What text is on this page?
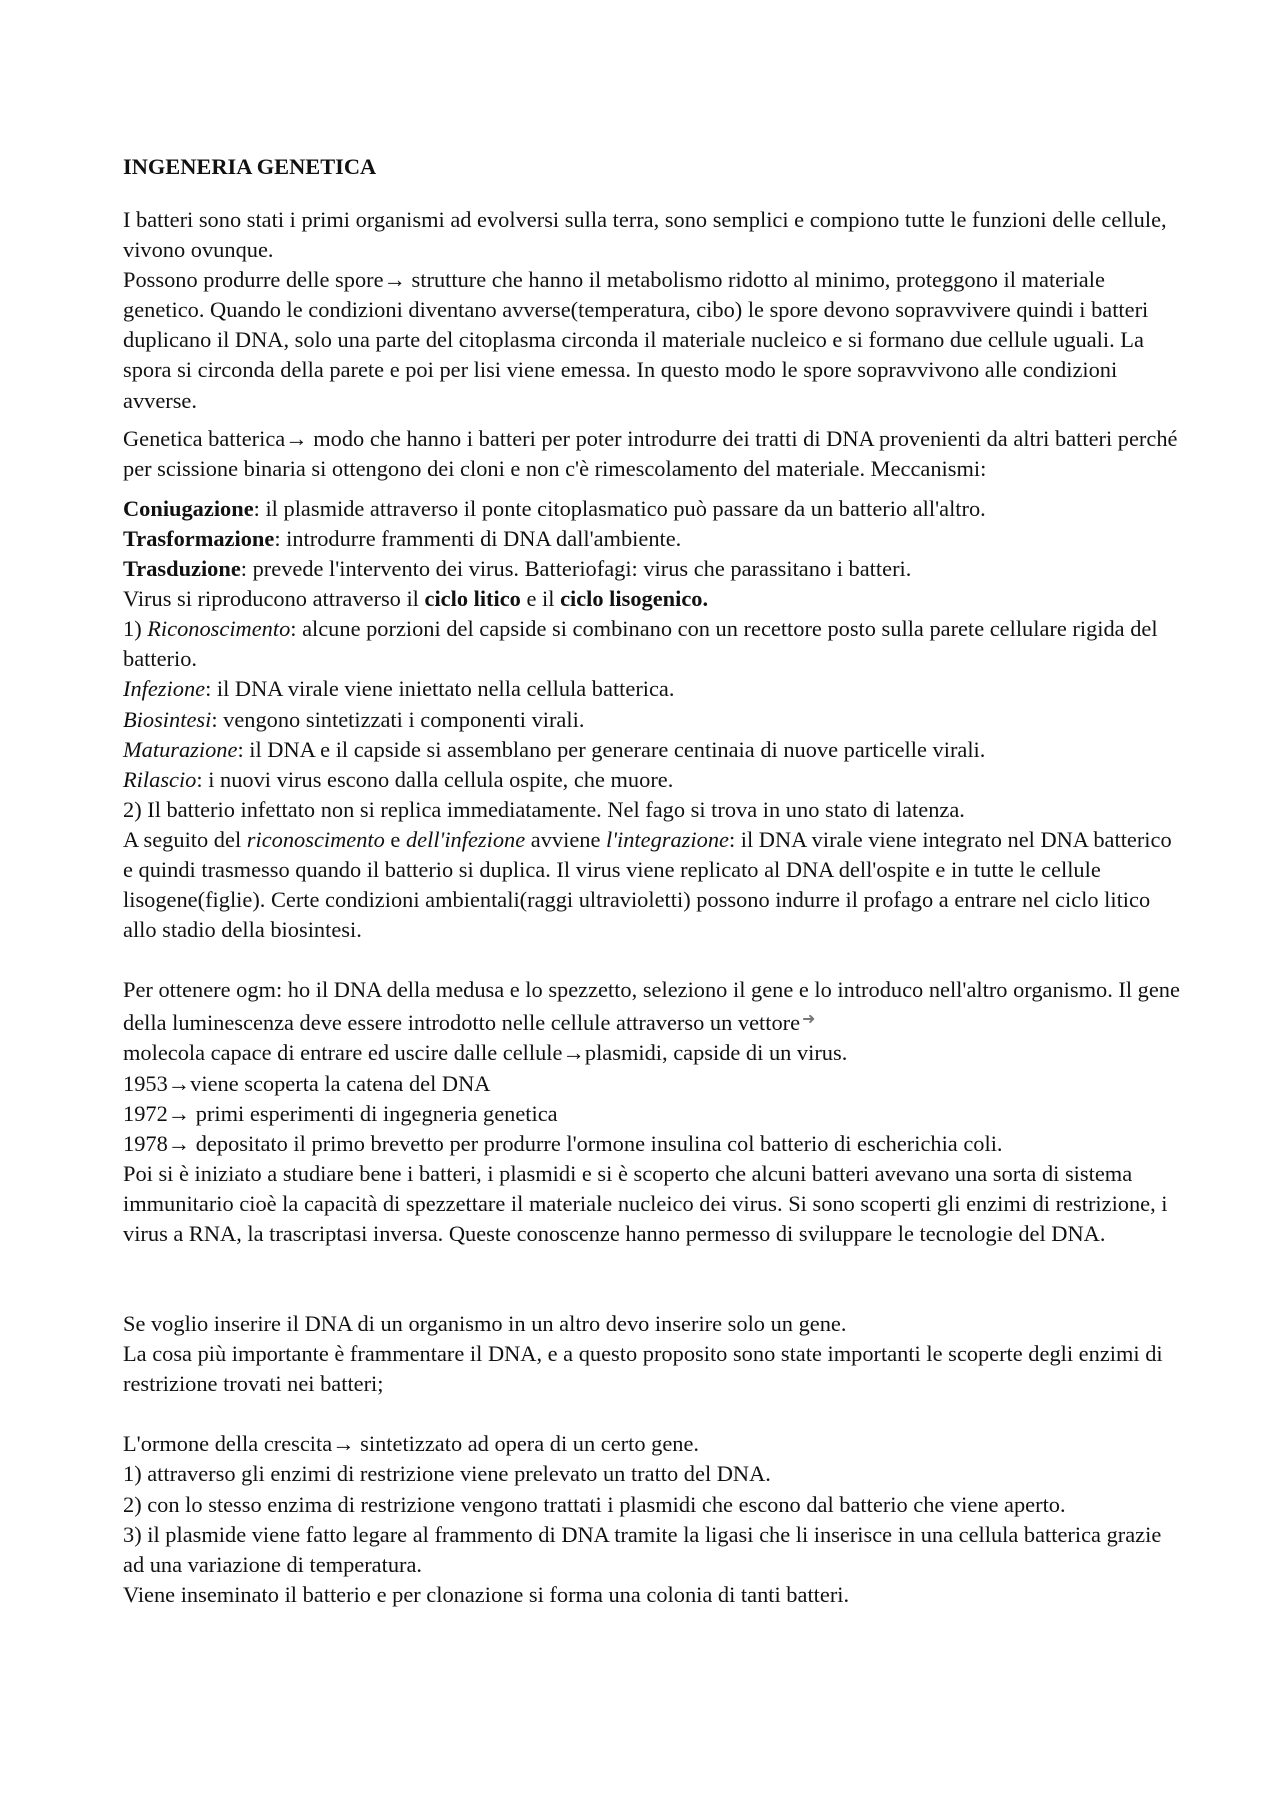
INGENERIA GENETICA

I batteri sono stati i primi organismi ad evolversi sulla terra, sono semplici e compiono tutte le funzioni delle cellule, vivono ovunque.

Possono produrre delle spore→ strutture che hanno il metabolismo ridotto al minimo, proteggono il materiale genetico. Quando le condizioni diventano avverse(temperatura, cibo) le spore devono sopravvivere quindi i batteri duplicano il DNA, solo una parte del citoplasma circonda il materiale nucleico e si formano due cellule uguali. La spora si circonda della parete e poi per lisi viene emessa. In questo modo le spore sopravvivono alle condizioni avverse.

Genetica batterica→ modo che hanno i batteri per poter introdurre dei tratti di DNA provenienti da altri batteri perché per scissione binaria si ottengono dei cloni e non c'è rimescolamento del materiale. Meccanismi:

Coniugazione: il plasmide attraverso il ponte citoplasmatico può passare da un batterio all'altro.

Trasformazione: introdurre frammenti di DNA dall'ambiente.

Trasduzione: prevede l'intervento dei virus. Batteriofagi: virus che parassitano i batteri.

Virus si riproducono attraverso il ciclo litico e il ciclo lisogenico.

1) Riconoscimento: alcune porzioni del capside si combinano con un recettore posto sulla parete cellulare rigida del batterio.

Infezione: il DNA virale viene iniettato nella cellula batterica.

Biosintesi: vengono sintetizzati i componenti virali.

Maturazione: il DNA e il capside si assemblano per generare centinaia di nuove particelle virali.

Rilascio: i nuovi virus escono dalla cellula ospite, che muore.

2) Il batterio infettato non si replica immediatamente. Nel fago si trova in uno stato di latenza.

A seguito del riconoscimento e dell'infezione avviene l'integrazione: il DNA virale viene integrato nel DNA batterico e quindi trasmesso quando il batterio si duplica. Il virus viene replicato al DNA dell'ospite e in tutte le cellule lisogene(figlie). Certe condizioni ambientali(raggi ultravioletti) possono indurre il profago a entrare nel ciclo litico allo stadio della biosintesi.

Per ottenere ogm: ho il DNA della medusa e lo spezzetto, seleziono il gene e lo introduco nell'altro organismo. Il gene della luminescenza deve essere introdotto nelle cellule attraverso un vettore ➜
molecola capace di entrare ed uscire dalle cellule→plasmidi, capside di un virus.

1953→viene scoperta la catena del DNA

1972→ primi esperimenti di ingegneria genetica

1978→ depositato il primo brevetto per produrre l'ormone insulina col batterio di escherichia coli.

Poi si è iniziato a studiare bene i batteri, i plasmidi e si è scoperto che alcuni batteri avevano una sorta di sistema immunitario cioè la capacità di spezzettare il materiale nucleico dei virus. Si sono scoperti gli enzimi di restrizione, i virus a RNA, la trascriptasi inversa. Queste conoscenze hanno permesso di sviluppare le tecnologie del DNA.

Se voglio inserire il DNA di un organismo in un altro devo inserire solo un gene.

La cosa più importante è frammentare il DNA, e a questo proposito sono state importanti le scoperte degli enzimi di restrizione trovati nei batteri;

L'ormone della crescita→ sintetizzato ad opera di un certo gene.

1) attraverso gli enzimi di restrizione viene prelevato un tratto del DNA.

2) con lo stesso enzima di restrizione vengono trattati i plasmidi che escono dal batterio che viene aperto.

3) il plasmide viene fatto legare al frammento di DNA tramite la ligasi che li inserisce in una cellula batterica grazie ad una variazione di temperatura.

Viene inseminato il batterio e per clonazione si forma una colonia di tanti batteri.
